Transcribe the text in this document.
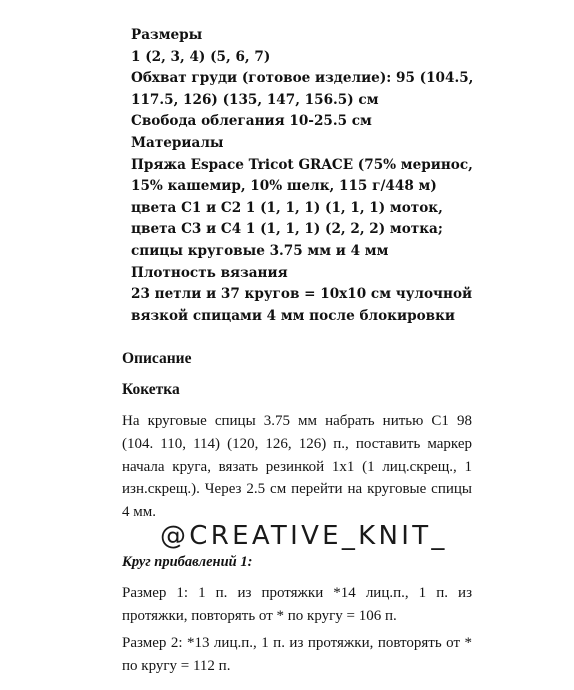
Размеры

1 (2, 3, 4) (5, 6, 7)

Обхват груди (готовое изделие): 95 (104.5,

117.5, 126) (135, 147, 156.5) см

Свобода облегания 10-25.5 см

Материалы

Пряжа Espace Tricot GRACE (75% меринос,

15% кашемир, 10% шелк, 115 г/448 м)

цвета С1 и С2 1 (1, 1, 1) (1, 1, 1) моток,

цвета С3 и С4 1 (1, 1, 1) (2, 2, 2) мотка;

спицы круговые 3.75 мм и 4 мм

Плотность вязания

23 петли и 37 кругов = 10х10 см чулочной

вязкой спицами 4 мм после блокировки

Описание
Кокетка

На круговые спицы 3.75 мм набрать нитью С1 98 (104. 110, 114) (120, 126, 126) п., поставить маркер начала круга, вязать резинкой 1х1 (1 лиц.скрещ., 1 изн.скрещ.). Через 2.5 см перейти на круговые спицы 4 мм.

@CREATIVE_KNIT_
Круг прибавлений 1:

Размер 1: 1 п. из протяжки *14 лиц.п., 1 п. из протяжки, повторять от * по кругу = 106 п.

Размер 2: *13 лиц.п., 1 п. из протяжки, повторять от * по кругу = 112 п.
